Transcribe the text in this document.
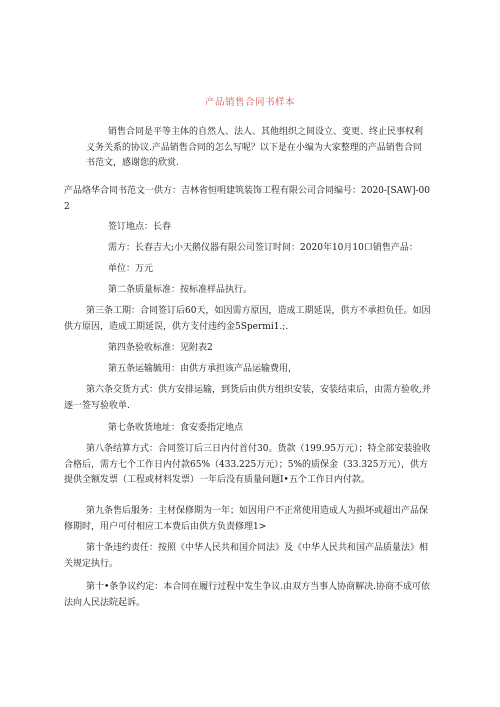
产品销售合同书样本

销售合同是平等主体的自然人、法人、其他组织之间设立、变更、终止民事权利义务关系的协议.产品销售合同的怎么写呢？以下是在小编为大家整理的产品销售合同书范文，感谢您的欣赏.

产品烙华合同书范文一供方：吉林省恒明建筑装饰工程有限公司合同编号：2020-[SAW]-002

签订地点：长春

需方：长春吉大;小天鹅仪器有限公司签订时间：2020年10月10口销售产品：

单位：万元

第二条质量标准：按标准样品执行。

第三条工期：合同签订后60天，如因需方原因，造成工期延误，供方不承担负任。如因供方原因，造成工期延误，供方支付违约金5Spermi1.;.

第四条验收标准：见附表2

第五条运输毓用：由供方承担该产品运输费用，

第六条交货方式：供方安排运输，到货后由供方组织安装，安装结束后，由需方验收,并逐一签写验收单.

第七条收货地址：食安委指定地点

第八条结算方式：合同签订后三日内付首付30。货款（199.95万元）；特全部安装验收合格后，需方七个工作日内付款65%（433.225万元）；5%的质保金（33.325万元），供方提供全额发票（工程或材料发票）一年后没有质量问题I•五个工作日内付款。

第九条售后服务：主材保修期为一年；如因用户不正常使用造成人为损坏或超出产品保修期时，用户可付相应工本费后由供方负责修理1>

第十条违约责任：按照《中华人民共和国介同法》及《中华人民共和国产品质量法》相关规定执行。

第十•条争议约定：本合同在履行过程中发生争议.由双方当事人协商解决.协商不成可依法向人民法院起诉。
